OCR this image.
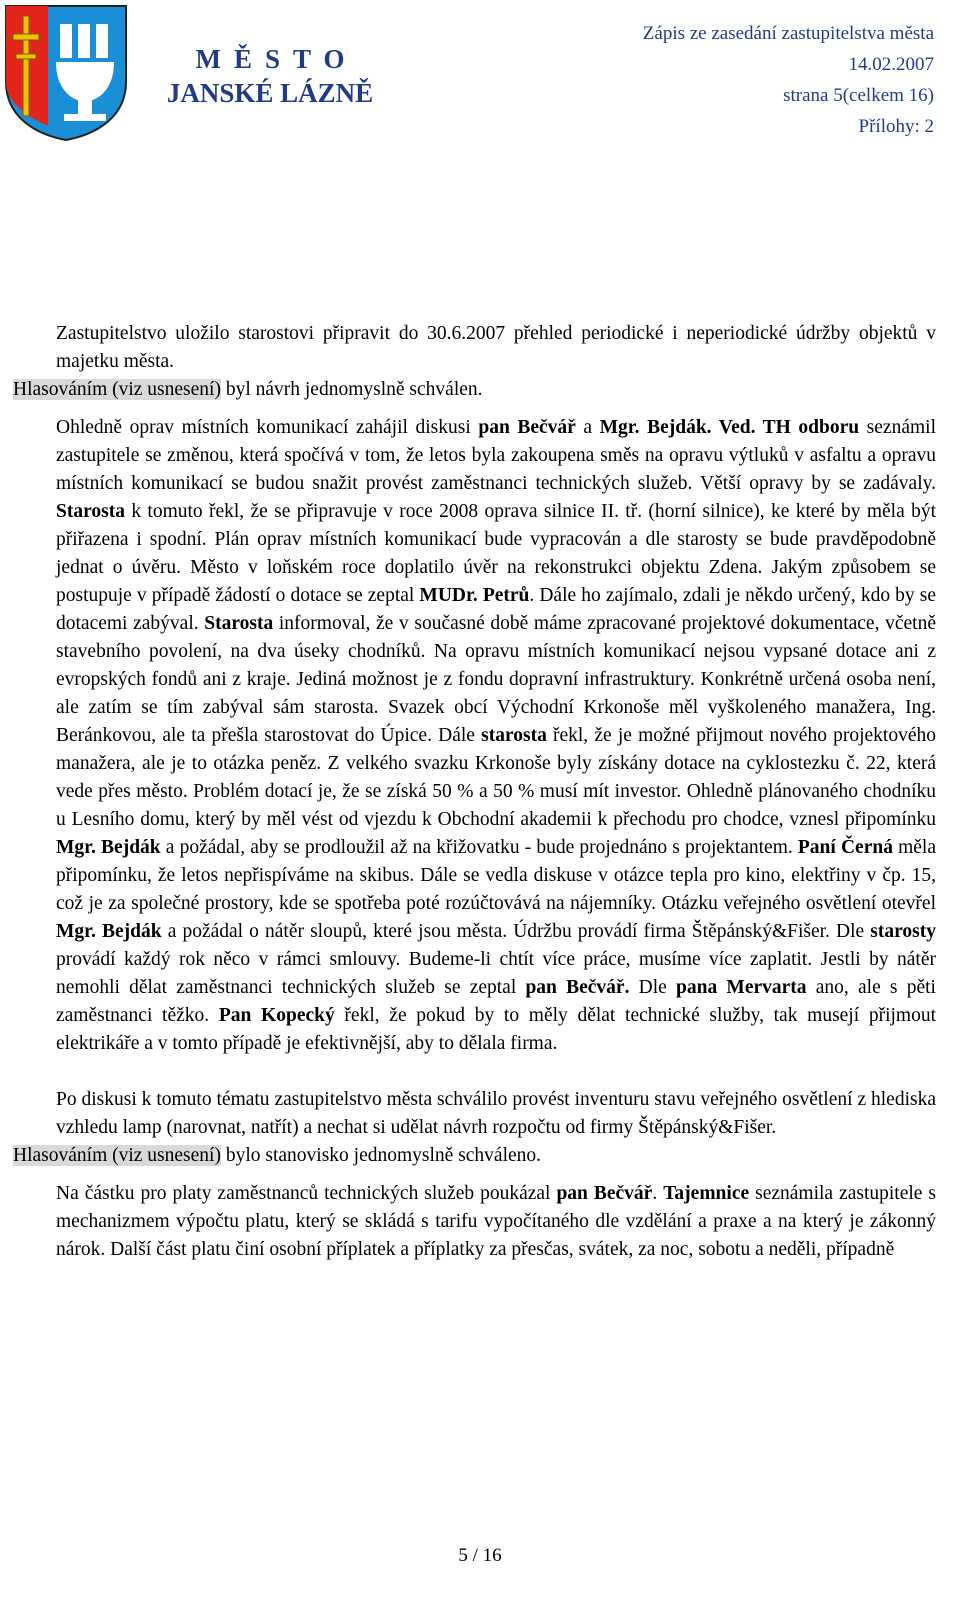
MĚSTO
JANSKÉ LÁZNĚ
Zápis ze zasedání zastupitelstva města
14.02.2007
strana 5(celkem 16)
Přílohy: 2

Zastupitelstvo uložilo starostovi připravit do 30.6.2007 přehled periodické i neperiodické údržby objektů v majetku města.

Hlasováním (viz usnesení) byl návrh jednomyslně schválen.

Ohledně oprav místních komunikací zahájil diskusi pan Bečvář a Mgr. Bejdák. Ved. TH odboru seznámil zastupitele se změnou, která spočívá v tom, že letos byla zakoupena směs na opravu výtluků v asfaltu a opravu místních komunikací se budou snažit provést zaměstnanci technických služeb. Větší opravy by se zadávaly. Starosta k tomuto řekl, že se připravuje v roce 2008 oprava silnice II. tř. (horní silnice), ke které by měla být přiřazena i spodní. Plán oprav místních komunikací bude vypracován a dle starosty se bude pravděpodobně jednat o úvěru. Město v loňském roce doplatilo úvěr na rekonstrukci objektu Zdena. Jakým způsobem se postupuje v případě žádostí o dotace se zeptal MUDr. Petrů. Dále ho zajímalo, zdali je někdo určený, kdo by se dotacemi zabýval. Starosta informoval, že v současné době máme zpracované projektové dokumentace, včetně stavebního povolení, na dva úseky chodníků. Na opravu místních komunikací nejsou vypsané dotace ani z evropských fondů ani z kraje. Jediná možnost je z fondu dopravní infrastruktury. Konkrétně určená osoba není, ale zatím se tím zabýval sám starosta. Svazek obcí Východní Krkonoše měl vyškoleného manažera, Ing. Beránkovou, ale ta přešla starostovat do Úpice. Dále starosta řekl, že je možné přijmout nového projektového manažera, ale je to otázka peněz. Z velkého svazku Krkonoše byly získány dotace na cyklostezku č. 22, která vede přes město. Problém dotací je, že se získá 50 % a 50 % musí mít investor. Ohledně plánovaného chodníku u Lesního domu, který by měl vést od vjezdu k Obchodní akademii k přechodu pro chodce, vznesl připomínku Mgr. Bejdák a požádal, aby se prodloužil až na křižovatku - bude projednáno s projektantem. Paní Černá měla připomínku, že letos nepřispíváme na skibus. Dále se vedla diskuse v otázce tepla pro kino, elektřiny v čp. 15, což je za společné prostory, kde se spotřeba poté rozúčtovává na nájemníky. Otázku veřejného osvětlení otevřel Mgr. Bejdák a požádal o nátěr sloupů, které jsou města. Údržbu provádí firma Štěpánský&Fišer. Dle starosty provádí každý rok něco v rámci smlouvy. Budeme-li chtít více práce, musíme více zaplatit. Jestli by nátěr nemohli dělat zaměstnanci technických služeb se zeptal pan Bečvář. Dle pana Mervarta ano, ale s pěti zaměstnanci těžko. Pan Kopecký řekl, že pokud by to měly dělat technické služby, tak musejí přijmout elektrikáře a v tomto případě je efektivnější, aby to dělala firma.

Po diskusi k tomuto tématu zastupitelstvo města schválilo provést inventuru stavu veřejného osvětlení z hlediska vzhledu lamp (narovnat, natřít) a nechat si udělat návrh rozpočtu od firmy Štěpánský&Fišer.

Hlasováním (viz usnesení) bylo stanovisko jednomyslně schváleno.

Na částku pro platy zaměstnanců technických služeb poukázal pan Bečvář. Tajemnice seznámila zastupitele s mechanizmem výpočtu platu, který se skládá s tarifu vypočítaného dle vzdělání a praxe a na který je zákonný nárok. Další část platu činí osobní příplatek a příplatky za přesčas, svátek, za noc, sobotu a neděli, případně

5 / 16
